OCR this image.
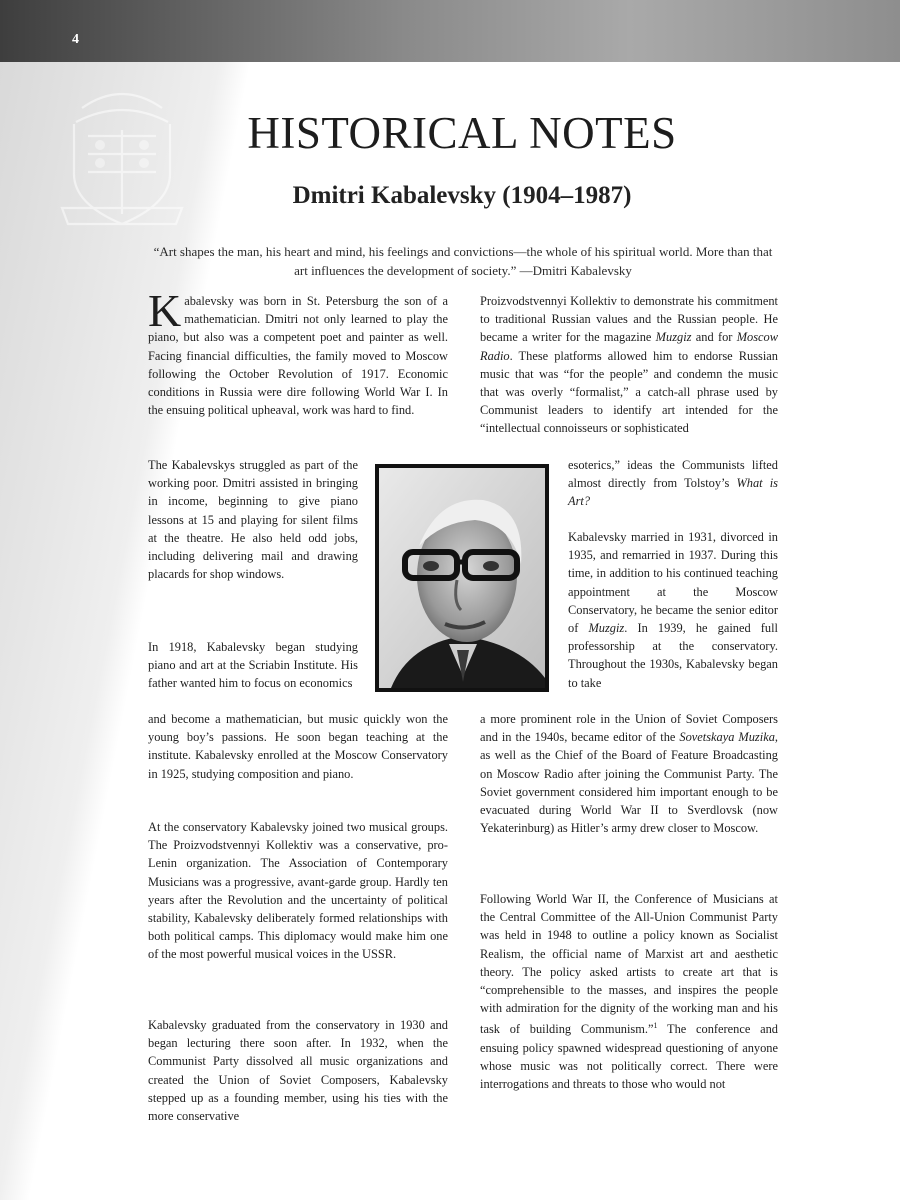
4
HISTORICAL NOTES
Dmitri Kabalevsky (1904–1987)

“Art shapes the man, his heart and mind, his feelings and convictions—the whole of his spiritual world. More than that art influences the development of society.” —Dmitri Kabalevsky

Kabalevsky was born in St. Petersburg the son of a mathematician. Dmitri not only learned to play the piano, but also was a competent poet and painter as well. Facing financial difficulties, the family moved to Moscow following the October Revolution of 1917. Economic conditions in Russia were dire following World War I. In the ensuing political upheaval, work was hard to find.

The Kabalevskys struggled as part of the working poor. Dmitri assisted in bringing in income, beginning to give piano lessons at 15 and playing for silent films at the theatre. He also held odd jobs, including delivering mail and drawing placards for shop windows.

In 1918, Kabalevsky began studying piano and art at the Scriabin Institute. His father wanted him to focus on economics

and become a mathematician, but music quickly won the young boy’s passions. He soon began teaching at the institute. Kabalevsky enrolled at the Moscow Conservatory in 1925, studying composition and piano.

At the conservatory Kabalevsky joined two musical groups. The Proizvodstvennyi Kollektiv was a conservative, pro-Lenin organization. The Association of Contemporary Musicians was a progressive, avant-garde group. Hardly ten years after the Revolution and the uncertainty of political stability, Kabalevsky deliberately formed relationships with both political camps. This diplomacy would make him one of the most powerful musical voices in the USSR.

Kabalevsky graduated from the conservatory in 1930 and began lecturing there soon after. In 1932, when the Communist Party dissolved all music organizations and created the Union of Soviet Composers, Kabalevsky stepped up as a founding member, using his ties with the more conservative

Proizvodstvennyi Kollektiv to demonstrate his commitment to traditional Russian values and the Russian people. He became a writer for the magazine Muzgiz and for Moscow Radio. These platforms allowed him to endorse Russian music that was “for the people” and condemn the music that was overly “formalist,” a catch-all phrase used by Communist leaders to identify art intended for the “intellectual connoisseurs or sophisticated

esoterics,” ideas the Communists lifted almost directly from Tolstoy’s What is Art?

Kabalevsky married in 1931, divorced in 1935, and remarried in 1937. During this time, in addition to his continued teaching appointment at the Moscow Conservatory, he became the senior editor of Muzgiz. In 1939, he gained full professorship at the conservatory. Throughout the 1930s, Kabalevsky began to take

a more prominent role in the Union of Soviet Composers and in the 1940s, became editor of the Sovetskaya Muzika, as well as the Chief of the Board of Feature Broadcasting on Moscow Radio after joining the Communist Party. The Soviet government considered him important enough to be evacuated during World War II to Sverdlovsk (now Yekaterinburg) as Hitler’s army drew closer to Moscow.

Following World War II, the Conference of Musicians at the Central Committee of the All-Union Communist Party was held in 1948 to outline a policy known as Socialist Realism, the official name of Marxist art and aesthetic theory. The policy asked artists to create art that is “comprehensible to the masses, and inspires the people with admiration for the dignity of the working man and his task of building Communism.”$^1$ The conference and ensuing policy spawned widespread questioning of anyone whose music was not politically correct. There were interrogations and threats to those who would not
